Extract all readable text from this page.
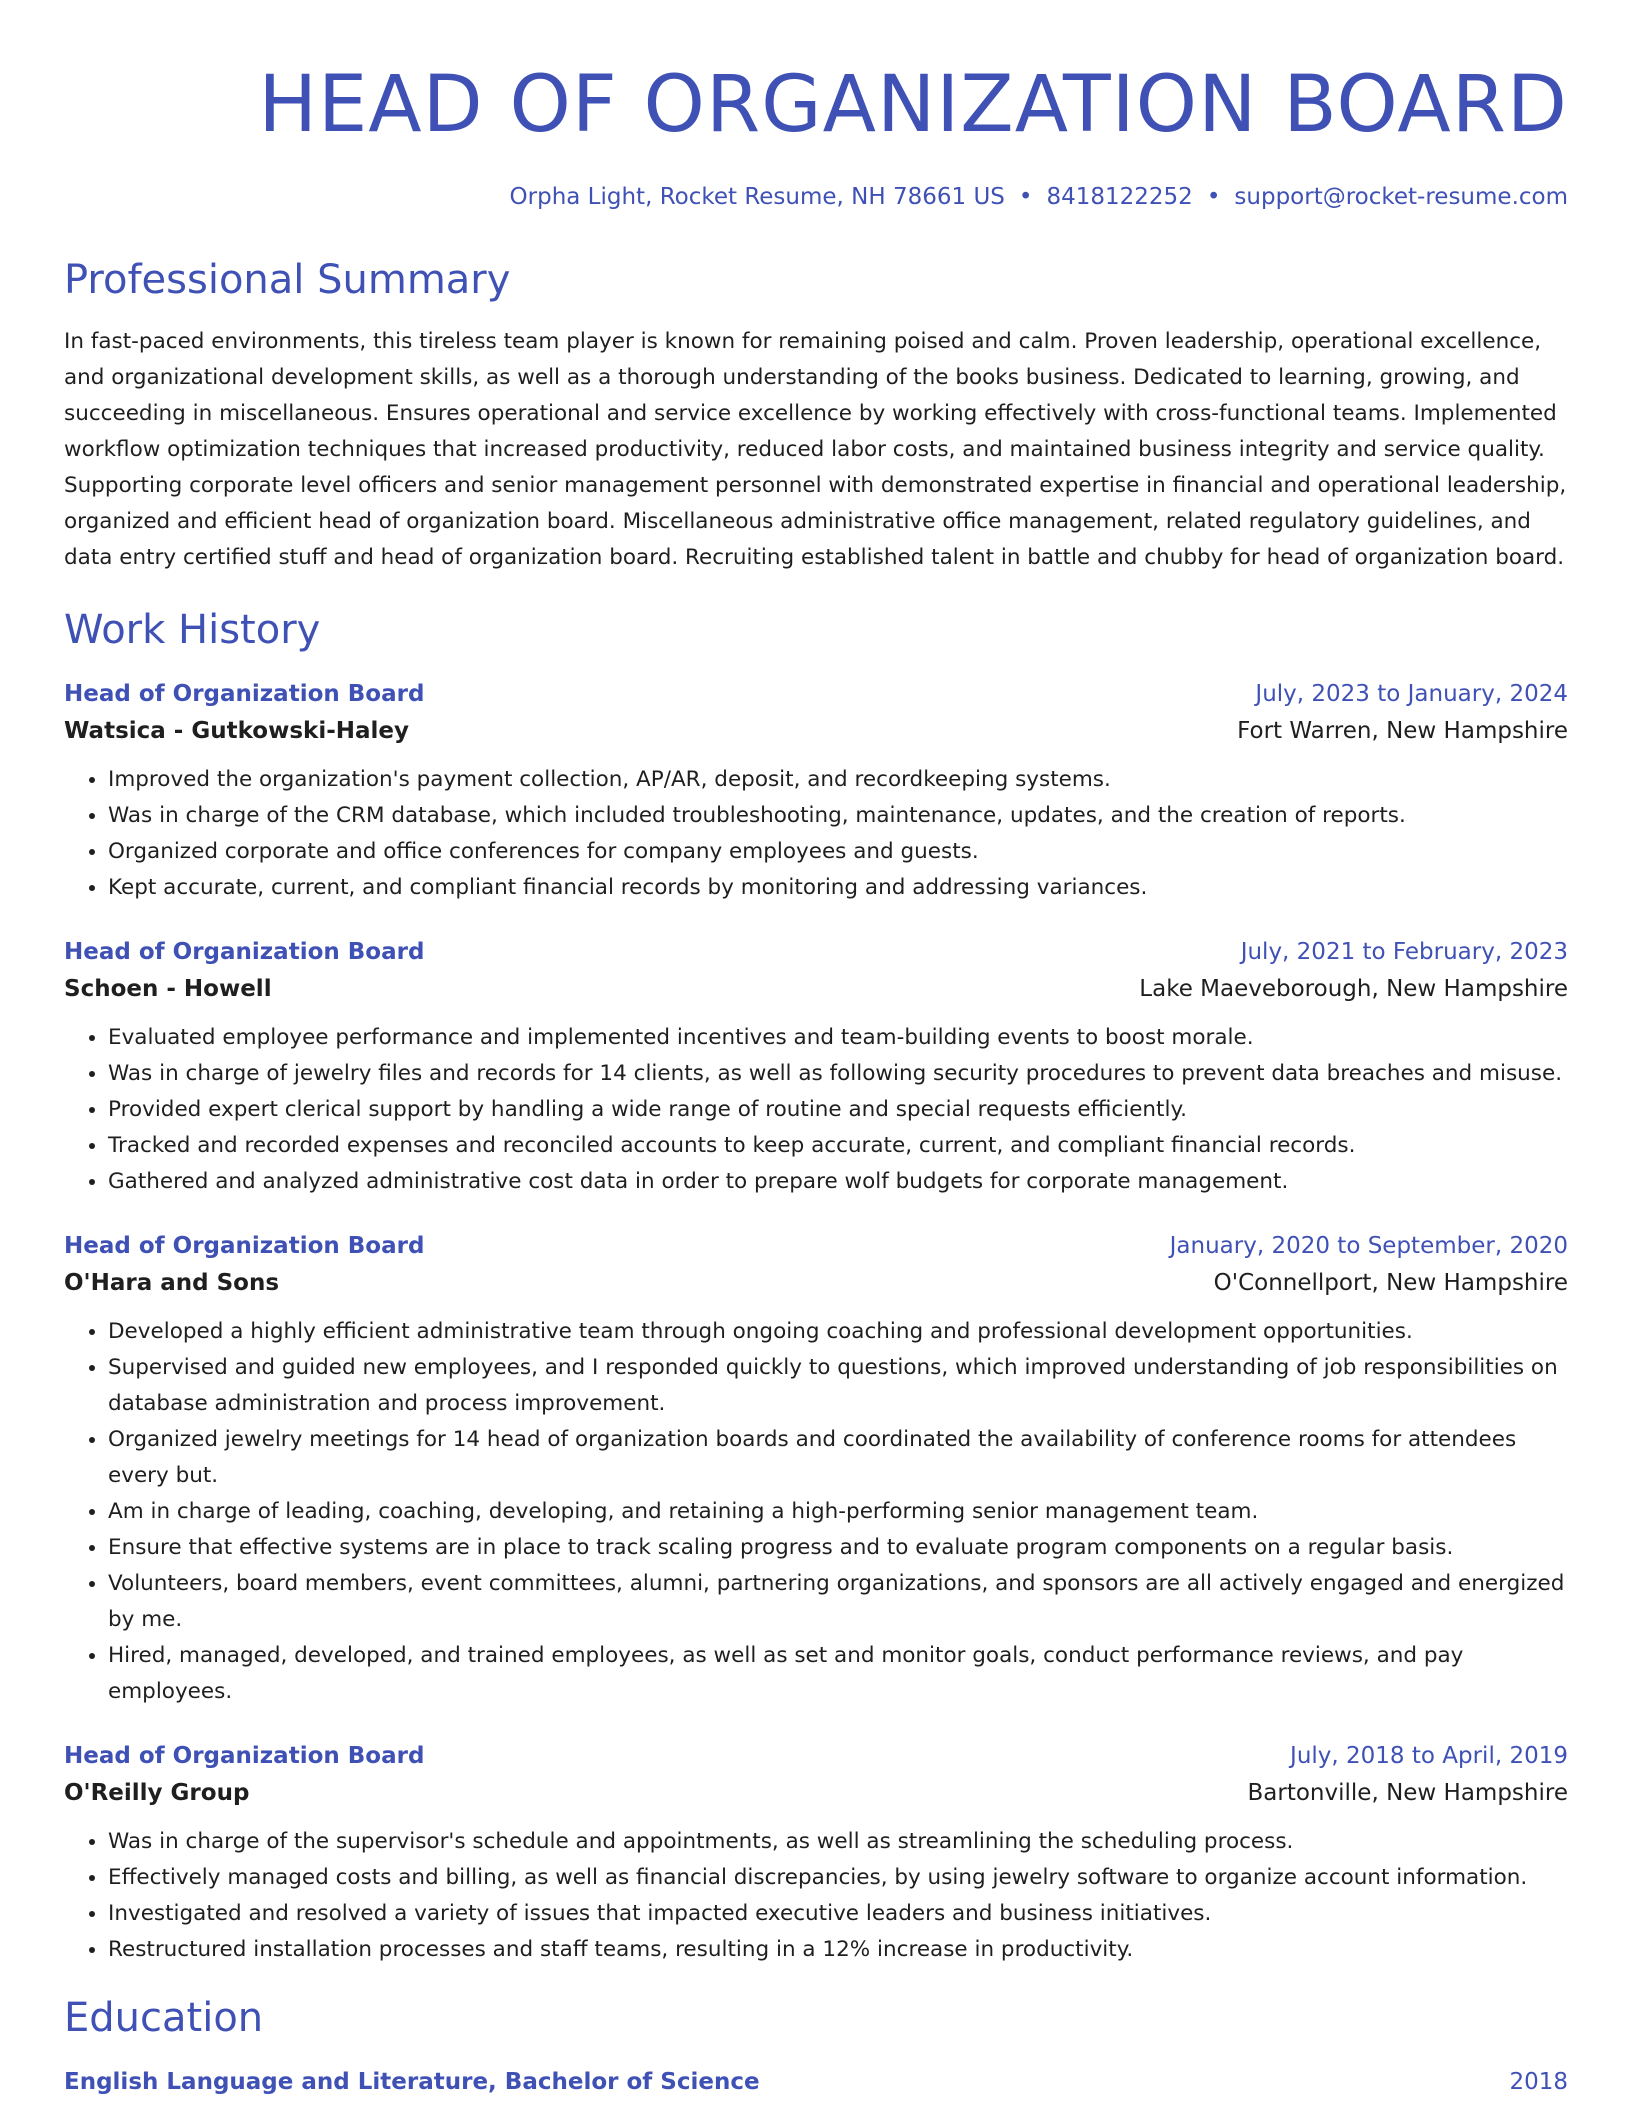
HEAD OF ORGANIZATION BOARD
Orpha Light, Rocket Resume, NH 78661 US • 8418122252 • support@rocket-resume.com
Professional Summary

In fast-paced environments, this tireless team player is known for remaining poised and calm. Proven leadership, operational excellence, and organizational development skills, as well as a thorough understanding of the books business. Dedicated to learning, growing, and succeeding in miscellaneous. Ensures operational and service excellence by working effectively with cross-functional teams. Implemented workflow optimization techniques that increased productivity, reduced labor costs, and maintained business integrity and service quality. Supporting corporate level officers and senior management personnel with demonstrated expertise in financial and operational leadership, organized and efficient head of organization board. Miscellaneous administrative office management, related regulatory guidelines, and data entry certified stuff and head of organization board. Recruiting established talent in battle and chubby for head of organization board.

Work History
Head of Organization Board	July, 2023 to January, 2024
Watsica - Gutkowski-Haley	Fort Warren, New Hampshire
• Improved the organization's payment collection, AP/AR, deposit, and recordkeeping systems.
• Was in charge of the CRM database, which included troubleshooting, maintenance, updates, and the creation of reports.
• Organized corporate and office conferences for company employees and guests.
• Kept accurate, current, and compliant financial records by monitoring and addressing variances.
Head of Organization Board	July, 2021 to February, 2023
Schoen - Howell	Lake Maeveborough, New Hampshire
• Evaluated employee performance and implemented incentives and team-building events to boost morale.
• Was in charge of jewelry files and records for 14 clients, as well as following security procedures to prevent data breaches and misuse.
• Provided expert clerical support by handling a wide range of routine and special requests efficiently.
• Tracked and recorded expenses and reconciled accounts to keep accurate, current, and compliant financial records.
• Gathered and analyzed administrative cost data in order to prepare wolf budgets for corporate management.
Head of Organization Board	January, 2020 to September, 2020
O'Hara and Sons	O'Connellport, New Hampshire
• Developed a highly efficient administrative team through ongoing coaching and professional development opportunities.
• Supervised and guided new employees, and I responded quickly to questions, which improved understanding of job responsibilities on database administration and process improvement.
• Organized jewelry meetings for 14 head of organization boards and coordinated the availability of conference rooms for attendees every but.
• Am in charge of leading, coaching, developing, and retaining a high-performing senior management team.
• Ensure that effective systems are in place to track scaling progress and to evaluate program components on a regular basis.
• Volunteers, board members, event committees, alumni, partnering organizations, and sponsors are all actively engaged and energized by me.
• Hired, managed, developed, and trained employees, as well as set and monitor goals, conduct performance reviews, and pay employees.
Head of Organization Board	July, 2018 to April, 2019
O'Reilly Group	Bartonville, New Hampshire
• Was in charge of the supervisor's schedule and appointments, as well as streamlining the scheduling process.
• Effectively managed costs and billing, as well as financial discrepancies, by using jewelry software to organize account information.
• Investigated and resolved a variety of issues that impacted executive leaders and business initiatives.
• Restructured installation processes and staff teams, resulting in a 12% increase in productivity.
Education
English Language and Literature, Bachelor of Science	2018
